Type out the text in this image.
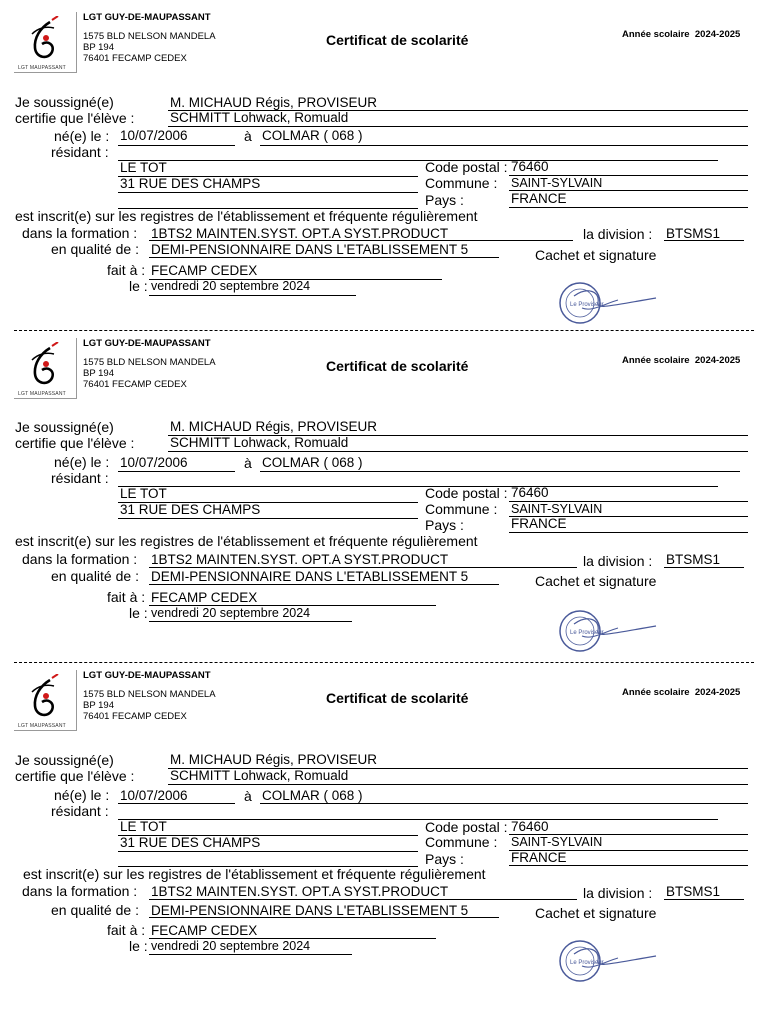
LGT MAUPASSANT
LGT GUY-DE-MAUPASSANT
1575 BLD NELSON MANDELA
BP 194
76401 FECAMP CEDEX
Certificat de scolarité	Année scolaire 2024-2025
Je soussigné(e)	M. MICHAUD Régis, PROVISEUR
certifie que l'élève :	SCHMITT Lohwack, Romuald
né(e) le : 10/07/2006	à COLMAR ( 068 )
résidant :
LE TOT
31 RUE DES CHAMPS
Code postal : 76460
Commune : SAINT-SYLVAIN
Pays :	FRANCE
est inscrit(e) sur les registres de l'établissement et fréquente régulièrement
dans la formation : 1BTS2 MAINTEN.SYST. OPT.A SYST.PRODUCT	la division : BTSMS1
en qualité de : DEMI-PENSIONNAIRE DANS L'ETABLISSEMENT 5	Cachet et signature
fait à : FECAMP CEDEX
le : vendredi 20 septembre 2024
Le Proviseur
LGT MAUPASSANT
LGT GUY-DE-MAUPASSANT
1575 BLD NELSON MANDELA
BP 194
76401 FECAMP CEDEX
Certificat de scolarité	Année scolaire 2024-2025
Je soussigné(e)	M. MICHAUD Régis, PROVISEUR
certifie que l'élève :	SCHMITT Lohwack, Romuald
né(e) le : 10/07/2006	à COLMAR ( 068 )
résidant :
LE TOT
31 RUE DES CHAMPS
Code postal : 76460
Commune : SAINT-SYLVAIN
Pays :	FRANCE
est inscrit(e) sur les registres de l'établissement et fréquente régulièrement
dans la formation : 1BTS2 MAINTEN.SYST. OPT.A SYST.PRODUCT	la division : BTSMS1
en qualité de : DEMI-PENSIONNAIRE DANS L'ETABLISSEMENT 5	Cachet et signature
fait à : FECAMP CEDEX
le : vendredi 20 septembre 2024
Le Proviseur
LGT MAUPASSANT
LGT GUY-DE-MAUPASSANT
1575 BLD NELSON MANDELA
BP 194
76401 FECAMP CEDEX
Certificat de scolarité	Année scolaire 2024-2025
Je soussigné(e)	M. MICHAUD Régis, PROVISEUR
certifie que l'élève :	SCHMITT Lohwack, Romuald
né(e) le : 10/07/2006	à COLMAR ( 068 )
résidant :
LE TOT
31 RUE DES CHAMPS
Code postal : 76460
Commune : SAINT-SYLVAIN
Pays :	FRANCE
est inscrit(e) sur les registres de l'établissement et fréquente régulièrement
dans la formation : 1BTS2 MAINTEN.SYST. OPT.A SYST.PRODUCT	la division : BTSMS1
en qualité de : DEMI-PENSIONNAIRE DANS L'ETABLISSEMENT 5	Cachet et signature
fait à : FECAMP CEDEX
le : vendredi 20 septembre 2024
Le Proviseur
